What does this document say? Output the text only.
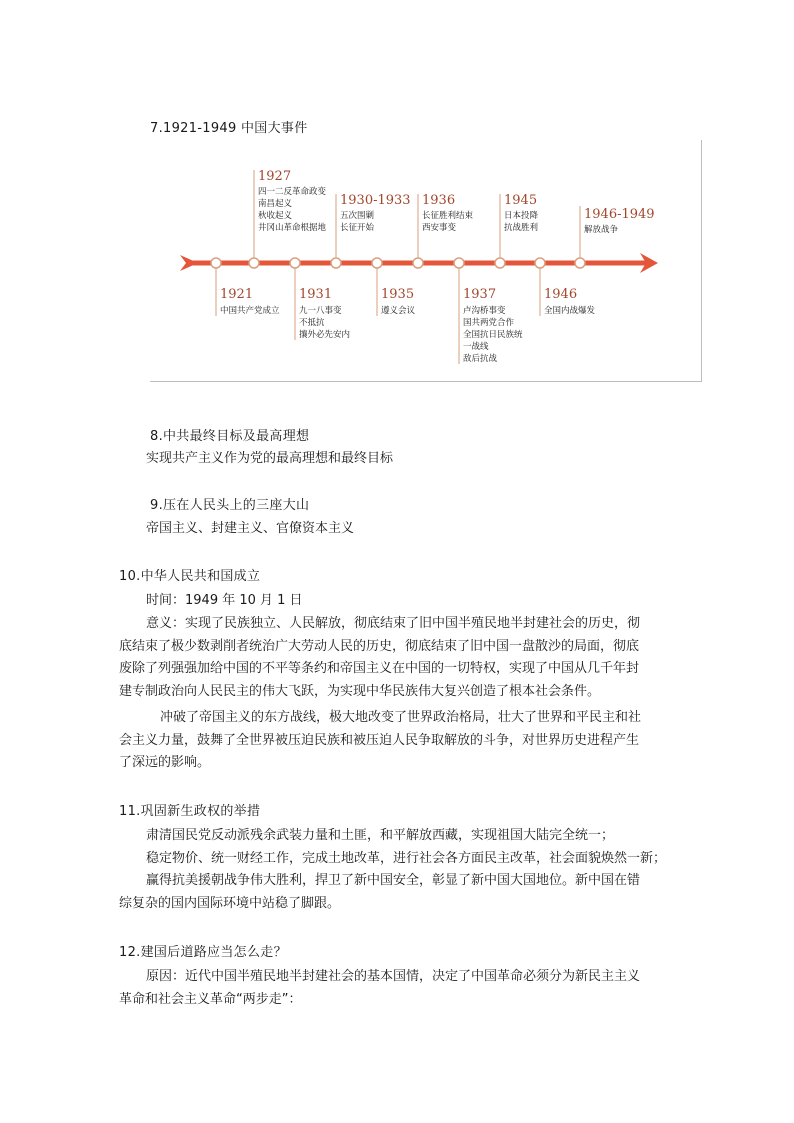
7.1921-1949 中国大事件
1927
四一二反革命政变
南昌起义
秋收起义
井冈山革命根据地
1930-1933
五次围剿
长征开始
1936
长征胜利结束
西安事变
1945
日本投降
抗战胜利
1946-1949
解放战争
1921
中国共产党成立
1931
九一八事变
不抵抗
攘外必先安内
1935
遵义会议
1937
卢沟桥事变
国共两党合作
全国抗日民族统
一战线
敌后抗战
1946
全国内战爆发
8.中共最终目标及最高理想
实现共产主义作为党的最高理想和最终目标
9.压在人民头上的三座大山
帝国主义、封建主义、官僚资本主义
10.中华人民共和国成立
时间：1949 年 10 月 1 日
意义：实现了民族独立、人民解放，彻底结束了旧中国半殖民地半封建社会的历史，彻
底结束了极少数剥削者统治广大劳动人民的历史，彻底结束了旧中国一盘散沙的局面，彻底
废除了列强强加给中国的不平等条约和帝国主义在中国的一切特权，实现了中国从几千年封
建专制政治向人民民主的伟大飞跃，为实现中华民族伟大复兴创造了根本社会条件。
冲破了帝国主义的东方战线，极大地改变了世界政治格局，壮大了世界和平民主和社
会主义力量，鼓舞了全世界被压迫民族和被压迫人民争取解放的斗争，对世界历史进程产生
了深远的影响。
11.巩固新生政权的举措
肃清国民党反动派残余武装力量和土匪，和平解放西藏，实现祖国大陆完全统一；
稳定物价、统一财经工作，完成土地改革，进行社会各方面民主改革，社会面貌焕然一新；
赢得抗美援朝战争伟大胜利，捍卫了新中国安全，彰显了新中国大国地位。新中国在错
综复杂的国内国际环境中站稳了脚跟。
12.建国后道路应当怎么走？
原因：近代中国半殖民地半封建社会的基本国情，决定了中国革命必须分为新民主主义
革命和社会主义革命“两步走”：
